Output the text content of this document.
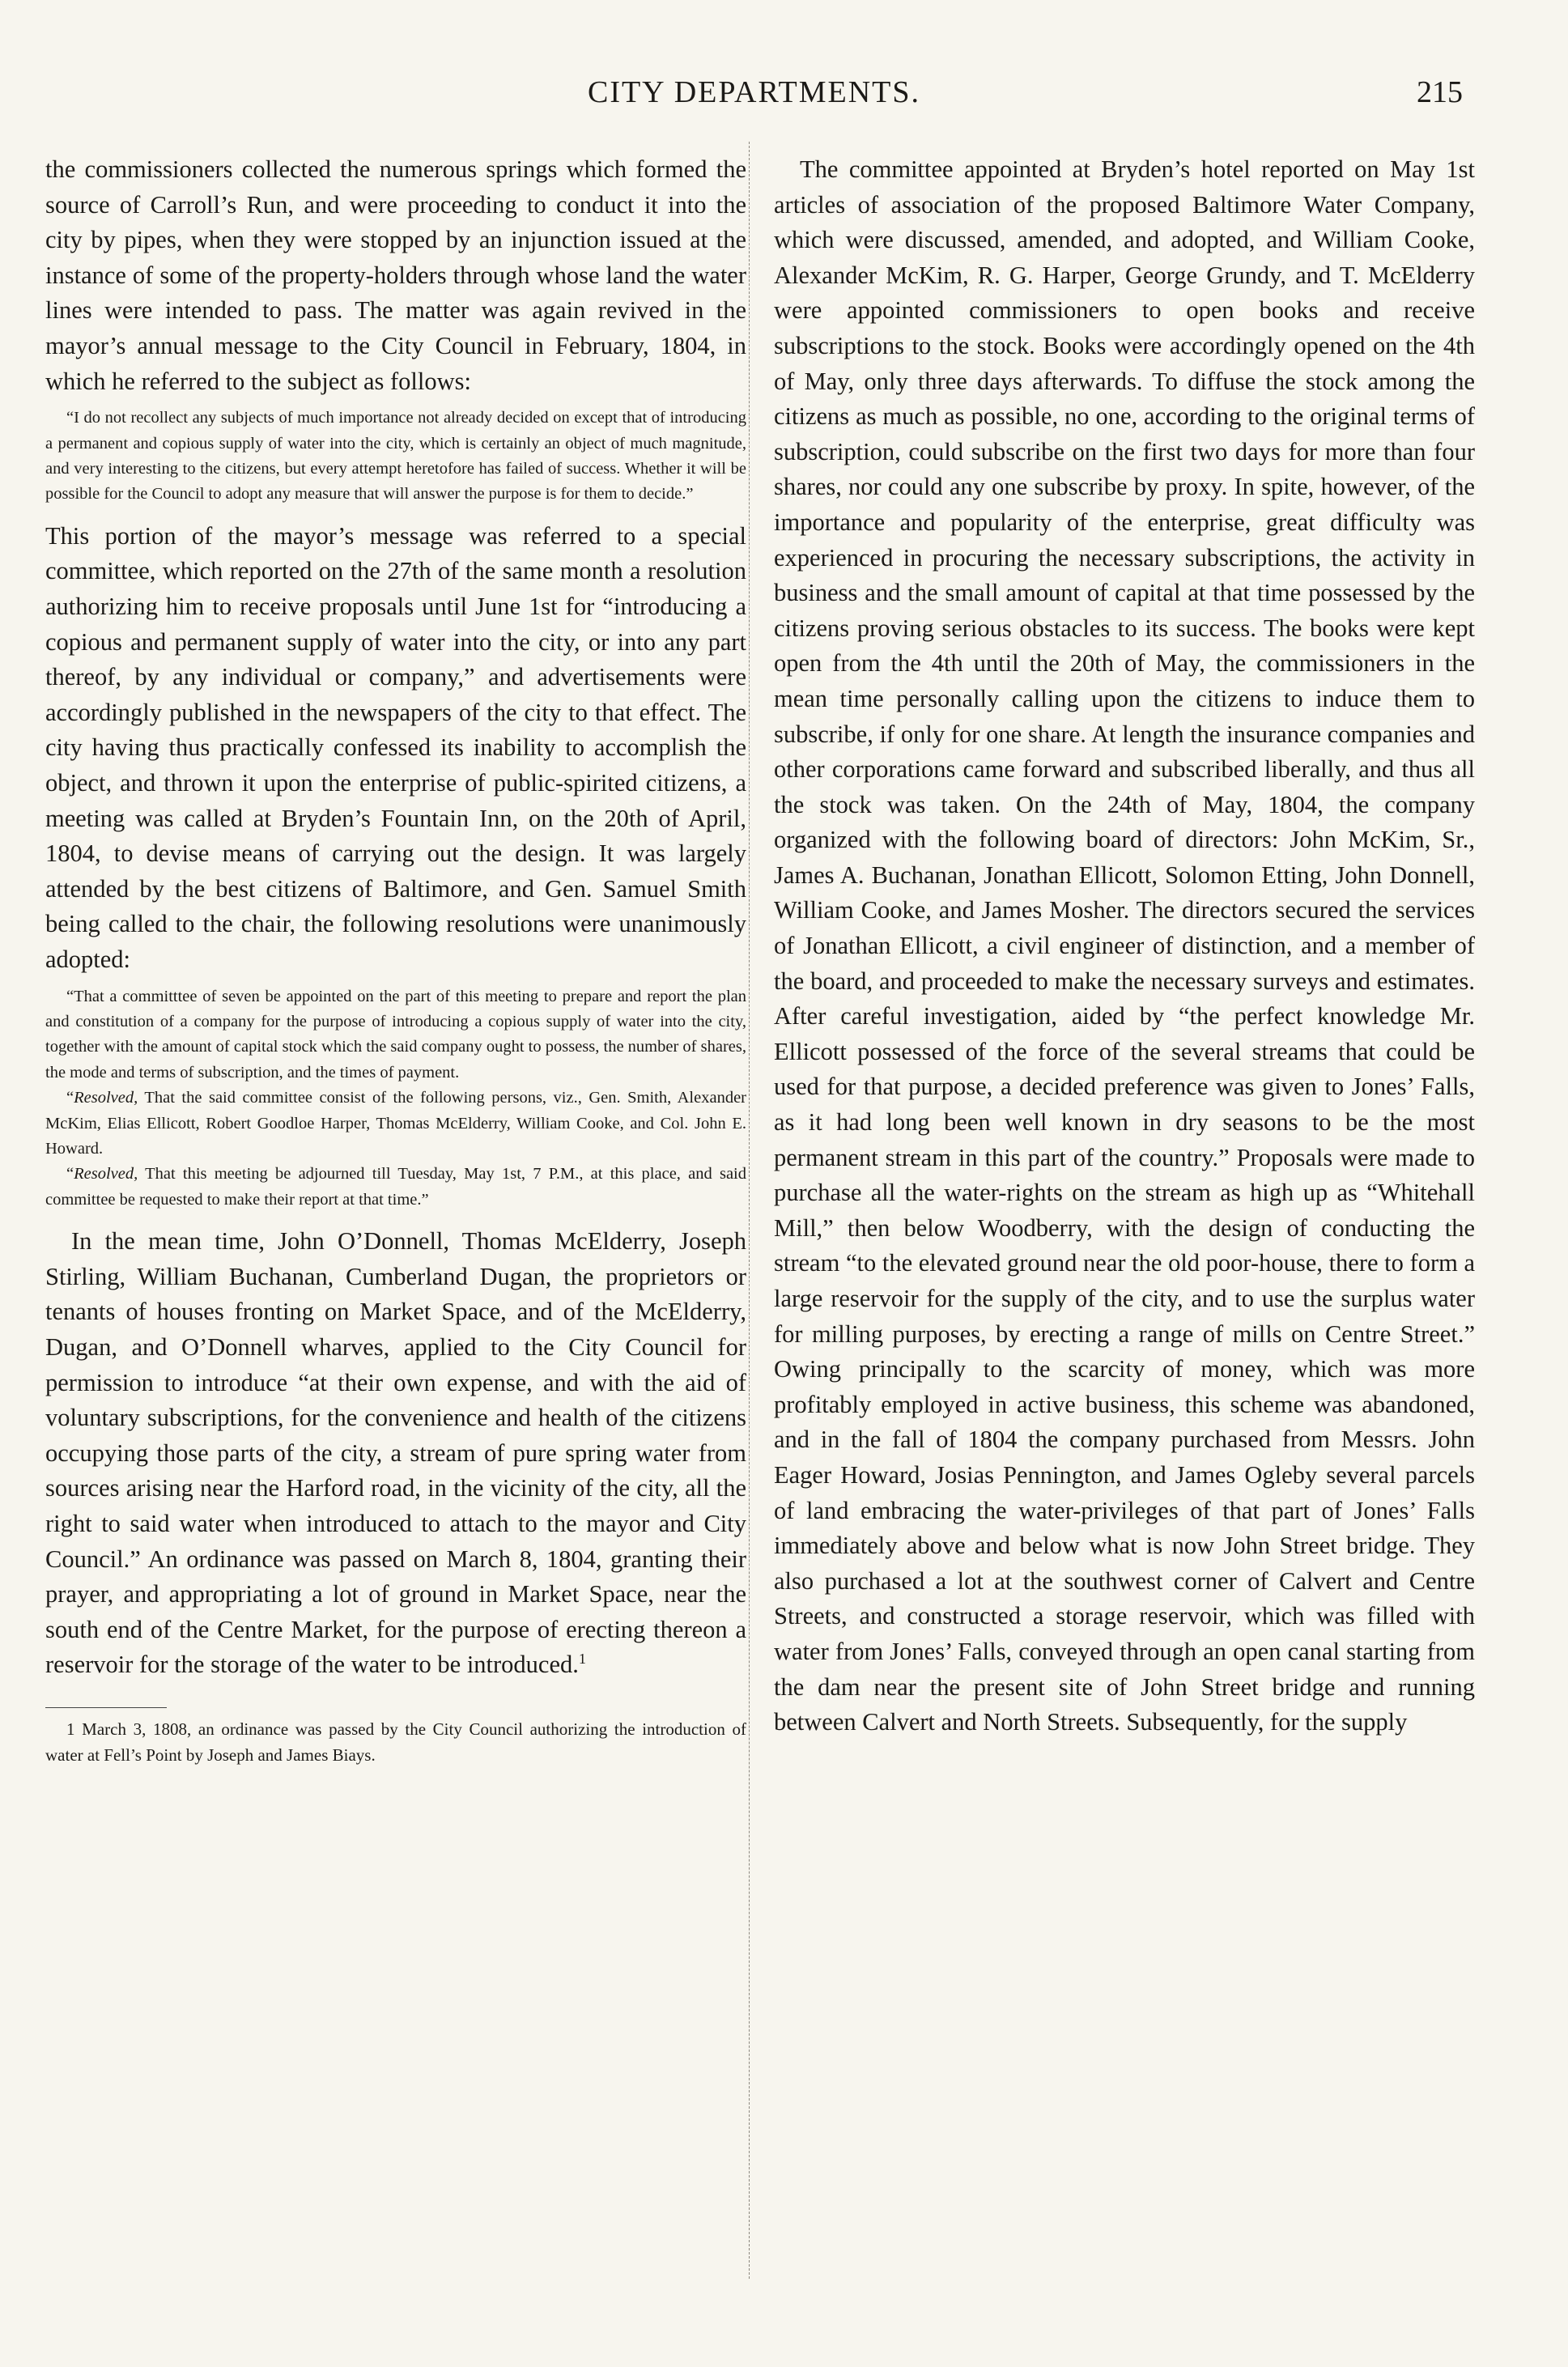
CITY DEPARTMENTS.	215

the commissioners collected the numerous springs which formed the source of Carroll’s Run, and were proceeding to conduct it into the city by pipes, when they were stopped by an injunction issued at the instance of some of the property-holders through whose land the water lines were intended to pass. The matter was again revived in the mayor’s annual message to the City Council in February, 1804, in which he referred to the subject as follows:

“I do not recollect any subjects of much importance not already decided on except that of introducing a permanent and copious supply of water into the city, which is certainly an object of much magnitude, and very interesting to the citizens, but every attempt heretofore has failed of success. Whether it will be possible for the Council to adopt any measure that will answer the purpose is for them to decide.”

This portion of the mayor’s message was referred to a special committee, which reported on the 27th of the same month a resolution authorizing him to receive proposals until June 1st for “introducing a copious and permanent supply of water into the city, or into any part thereof, by any individual or company,” and advertisements were accordingly published in the newspapers of the city to that effect. The city having thus practically confessed its inability to accomplish the object, and thrown it upon the enterprise of public-spirited citizens, a meeting was called at Bryden’s Fountain Inn, on the 20th of April, 1804, to devise means of carrying out the design. It was largely attended by the best citizens of Baltimore, and Gen. Samuel Smith being called to the chair, the following resolutions were unanimously adopted:

“That a committtee of seven be appointed on the part of this meeting to prepare and report the plan and constitution of a company for the purpose of introducing a copious supply of water into the city, together with the amount of capital stock which the said company ought to possess, the number of shares, the mode and terms of subscription, and the times of payment.
“Resolved, That the said committee consist of the following persons, viz., Gen. Smith, Alexander McKim, Elias Ellicott, Robert Goodloe Harper, Thomas McElderry, William Cooke, and Col. John E. Howard.
“Resolved, That this meeting be adjourned till Tuesday, May 1st, 7 P.M., at this place, and said committee be requested to make their report at that time.”

In the mean time, John O’Donnell, Thomas McElderry, Joseph Stirling, William Buchanan, Cumberland Dugan, the proprietors or tenants of houses fronting on Market Space, and of the McElderry, Dugan, and O’Donnell wharves, applied to the City Council for permission to introduce “at their own expense, and with the aid of voluntary subscriptions, for the convenience and health of the citizens occupying those parts of the city, a stream of pure spring water from sources arising near the Harford road, in the vicinity of the city, all the right to said water when introduced to attach to the mayor and City Council.” An ordinance was passed on March 8, 1804, granting their prayer, and appropriating a lot of ground in Market Space, near the south end of the Centre Market, for the purpose of erecting thereon a reservoir for the storage of the water to be introduced.$^1$

1 March 3, 1808, an ordinance was passed by the City Council authorizing the introduction of water at Fell’s Point by Joseph and James Biays.

The committee appointed at Bryden’s hotel reported on May 1st articles of association of the proposed Baltimore Water Company, which were discussed, amended, and adopted, and William Cooke, Alexander McKim, R. G. Harper, George Grundy, and T. McElderry were appointed commissioners to open books and receive subscriptions to the stock. Books were accordingly opened on the 4th of May, only three days afterwards. To diffuse the stock among the citizens as much as possible, no one, according to the original terms of subscription, could subscribe on the first two days for more than four shares, nor could any one subscribe by proxy. In spite, however, of the importance and popularity of the enterprise, great difficulty was experienced in procuring the necessary subscriptions, the activity in business and the small amount of capital at that time possessed by the citizens proving serious obstacles to its success. The books were kept open from the 4th until the 20th of May, the commissioners in the mean time personally calling upon the citizens to induce them to subscribe, if only for one share. At length the insurance companies and other corporations came forward and subscribed liberally, and thus all the stock was taken. On the 24th of May, 1804, the company organized with the following board of directors: John McKim, Sr., James A. Buchanan, Jonathan Ellicott, Solomon Etting, John Donnell, William Cooke, and James Mosher. The directors secured the services of Jonathan Ellicott, a civil engineer of distinction, and a member of the board, and proceeded to make the necessary surveys and estimates. After careful investigation, aided by “the perfect knowledge Mr. Ellicott possessed of the force of the several streams that could be used for that purpose, a decided preference was given to Jones’ Falls, as it had long been well known in dry seasons to be the most permanent stream in this part of the country.” Proposals were made to purchase all the water-rights on the stream as high up as “Whitehall Mill,” then below Woodberry, with the design of conducting the stream “to the elevated ground near the old poor-house, there to form a large reservoir for the supply of the city, and to use the surplus water for milling purposes, by erecting a range of mills on Centre Street.” Owing principally to the scarcity of money, which was more profitably employed in active business, this scheme was abandoned, and in the fall of 1804 the company purchased from Messrs. John Eager Howard, Josias Pennington, and James Ogleby several parcels of land embracing the water-privileges of that part of Jones’ Falls immediately above and below what is now John Street bridge. They also purchased a lot at the southwest corner of Calvert and Centre Streets, and constructed a storage reservoir, which was filled with water from Jones’ Falls, conveyed through an open canal starting from the dam near the present site of John Street bridge and running between Calvert and North Streets. Subsequently, for the supply
